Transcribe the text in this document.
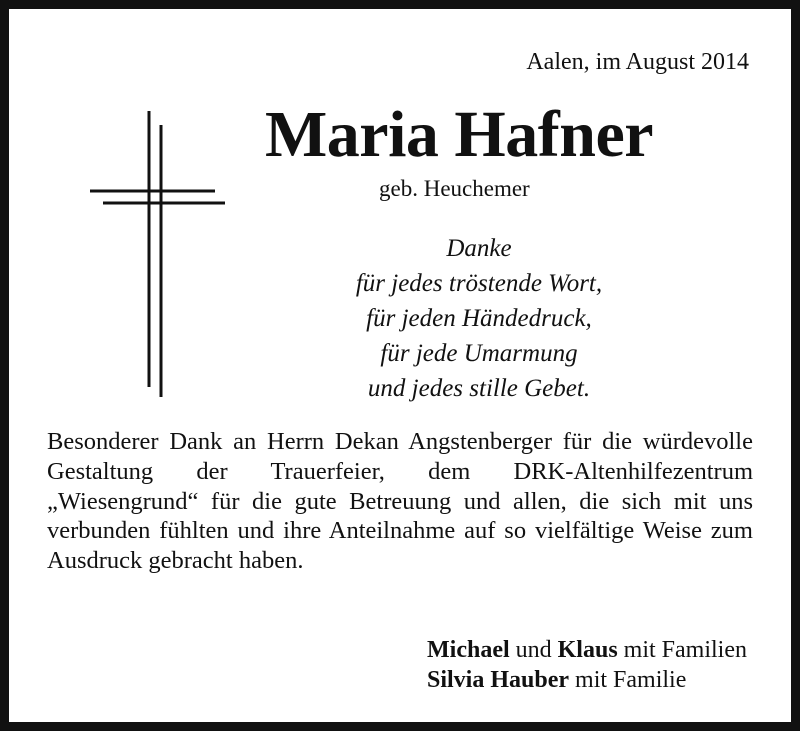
Aalen, im August 2014
Maria Hafner
geb. Heuchemer
Danke
für jedes tröstende Wort,
für jeden Händedruck,
für jede Umarmung
und jedes stille Gebet.
Besonderer Dank an Herrn Dekan Angstenberger für die würdevolle Gestaltung der Trauerfeier, dem DRK-Altenhilfezentrum „Wiesengrund“ für die gute Betreuung und allen, die sich mit uns verbunden fühlten und ihre Anteilnahme auf so vielfältige Weise zum Ausdruck gebracht haben.
Michael und Klaus mit Familien
Silvia Hauber mit Familie
